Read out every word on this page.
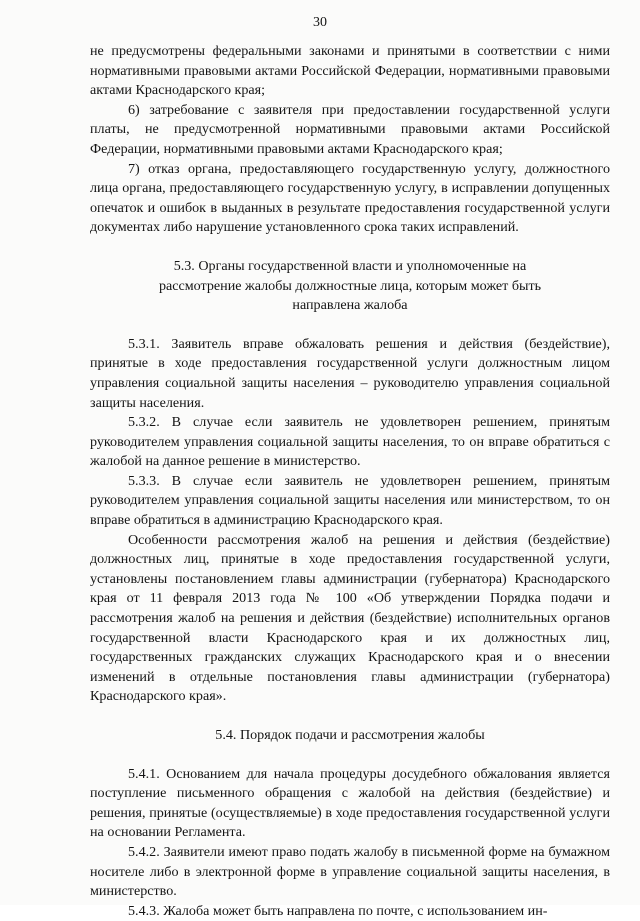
30

не предусмотрены федеральными законами и принятыми в соответствии с ними нормативными правовыми актами Российской Федерации, нормативными правовыми актами Краснодарского края;

6) затребование с заявителя при предоставлении государственной услуги платы, не предусмотренной нормативными правовыми актами Российской Федерации, нормативными правовыми актами Краснодарского края;

7) отказ органа, предоставляющего государственную услугу, должностного лица органа, предоставляющего государственную услугу, в исправлении допущенных опечаток и ошибок в выданных в результате предоставления государственной услуги документах либо нарушение установленного срока таких исправлений.

5.3. Органы государственной власти и уполномоченные на рассмотрение жалобы должностные лица, которым может быть направлена жалоба

5.3.1. Заявитель вправе обжаловать решения и действия (бездействие), принятые в ходе предоставления государственной услуги должностным лицом управления социальной защиты населения – руководителю управления социальной защиты населения.

5.3.2. В случае если заявитель не удовлетворен решением, принятым руководителем управления социальной защиты населения, то он вправе обратиться с жалобой на данное решение в министерство.

5.3.3. В случае если заявитель не удовлетворен решением, принятым руководителем управления социальной защиты населения или министерством, то он вправе обратиться в администрацию Краснодарского края.

Особенности рассмотрения жалоб на решения и действия (бездействие) должностных лиц, принятые в ходе предоставления государственной услуги, установлены постановлением главы администрации (губернатора) Краснодарского края от 11 февраля 2013 года № 100 «Об утверждении Порядка подачи и рассмотрения жалоб на решения и действия (бездействие) исполнительных органов государственной власти Краснодарского края и их должностных лиц, государственных гражданских служащих Краснодарского края и о внесении изменений в отдельные постановления главы администрации (губернатора) Краснодарского края».

5.4. Порядок подачи и рассмотрения жалобы

5.4.1. Основанием для начала процедуры досудебного обжалования является поступление письменного обращения с жалобой на действия (бездействие) и решения, принятые (осуществляемые) в ходе предоставления государственной услуги на основании Регламента.

5.4.2. Заявители имеют право подать жалобу в письменной форме на бумажном носителе либо в электронной форме в управление социальной защиты населения, в министерство.

5.4.3. Жалоба может быть направлена по почте, с использованием ин-
